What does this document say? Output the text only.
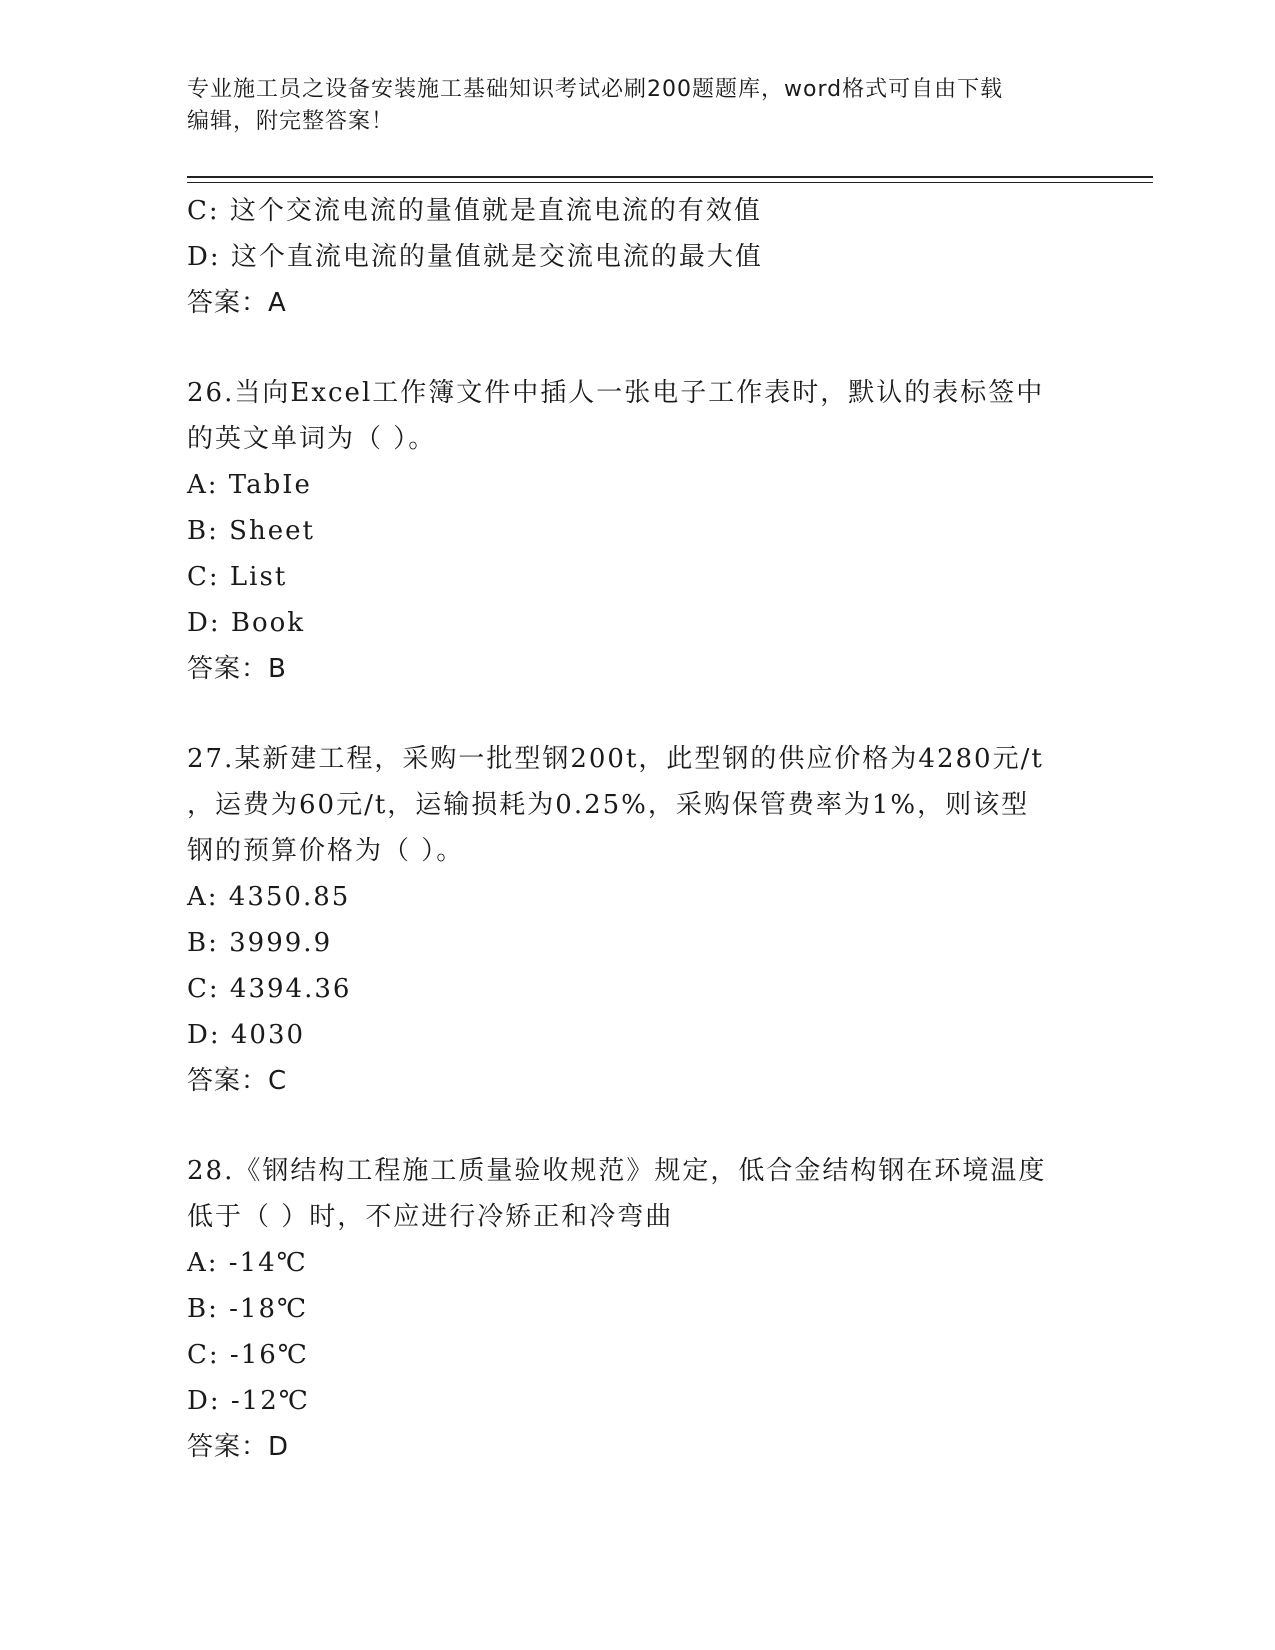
专业施工员之设备安装施工基础知识考试必刷200题题库，word格式可自由下载
编辑，附完整答案！
C: 这个交流电流的量值就是直流电流的有效值
D: 这个直流电流的量值就是交流电流的最大值
答案：A
26.当向Excel工作簿文件中插人一张电子工作表时，默认的表标签中
的英文单词为（ ）。
A: TabIe
B: Sheet
C: List
D: Book
答案：B
27.某新建工程，采购一批型钢200t，此型钢的供应价格为4280元/t
，运费为60元/t，运输损耗为0.25%，采购保管费率为1%，则该型
钢的预算价格为（ ）。
A: 4350.85
B: 3999.9
C: 4394.36
D: 4030
答案：C
28.《钢结构工程施工质量验收规范》规定，低合金结构钢在环境温度
低于（ ）时，不应进行冷矫正和冷弯曲
A: -14℃
B: -18℃
C: -16℃
D: -12℃
答案：D
